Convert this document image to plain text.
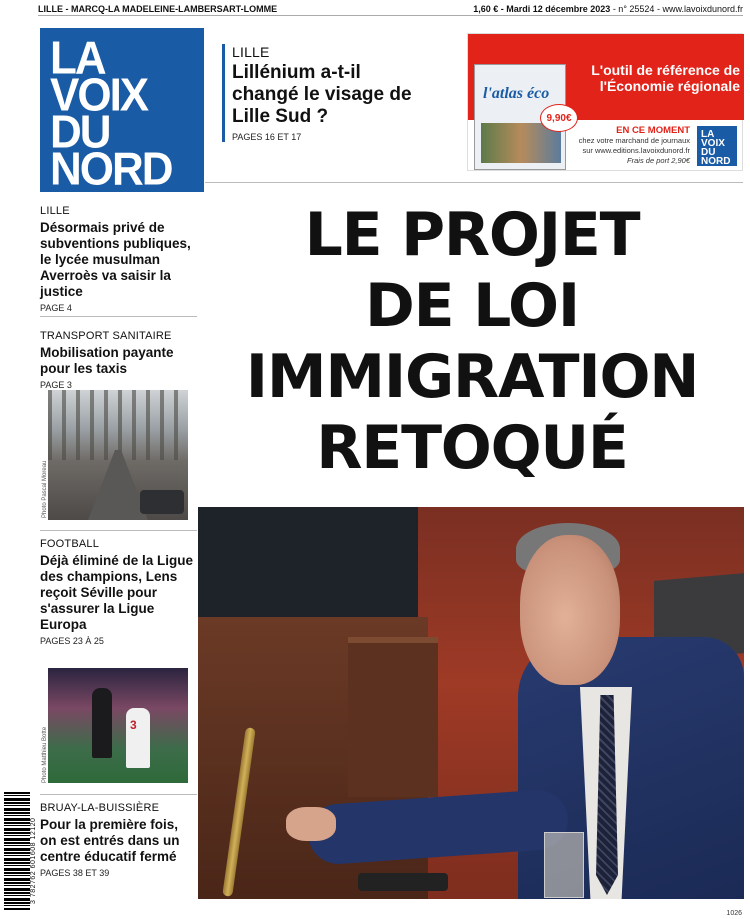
LILLE - MARCQ-LA MADELEINE-LAMBERSART-LOMME	1,60 € - Mardi 12 décembre 2023 - n° 25524 - www.lavoixdunord.fr
LA
VOIX
DU
NORD
LILLE
Lillénium a-t-il changé le visage de Lille Sud ?
PAGES 16 ET 17
l'atlas éco
9,90€
L'outil de référence de l'Économie régionale
EN CE MOMENT
chez votre marchand de journaux
sur www.editions.lavoixdunord.fr
Frais de port 2,90€
LA VOIX DU NORD
LILLE
Désormais privé de subventions publiques, le lycée musulman Averroès va saisir la justice
PAGE 4
TRANSPORT SANITAIRE
Mobilisation payante pour les taxis
PAGE 3
Photo Pascal Moreau
FOOTBALL
Déjà éliminé de la Ligue des champions, Lens reçoit Séville pour s'assurer la Ligue Europa
PAGES 23 À 25
3
Photo Matthieu Botte
BRUAY-LA-BUISSIÈRE
Pour la première fois, on est entrés dans un centre éducatif fermé
PAGES 38 ET 39
3 782762 601608 12120
LE PROJET
DE LOI
IMMIGRATION
RETOQUÉ
1026
